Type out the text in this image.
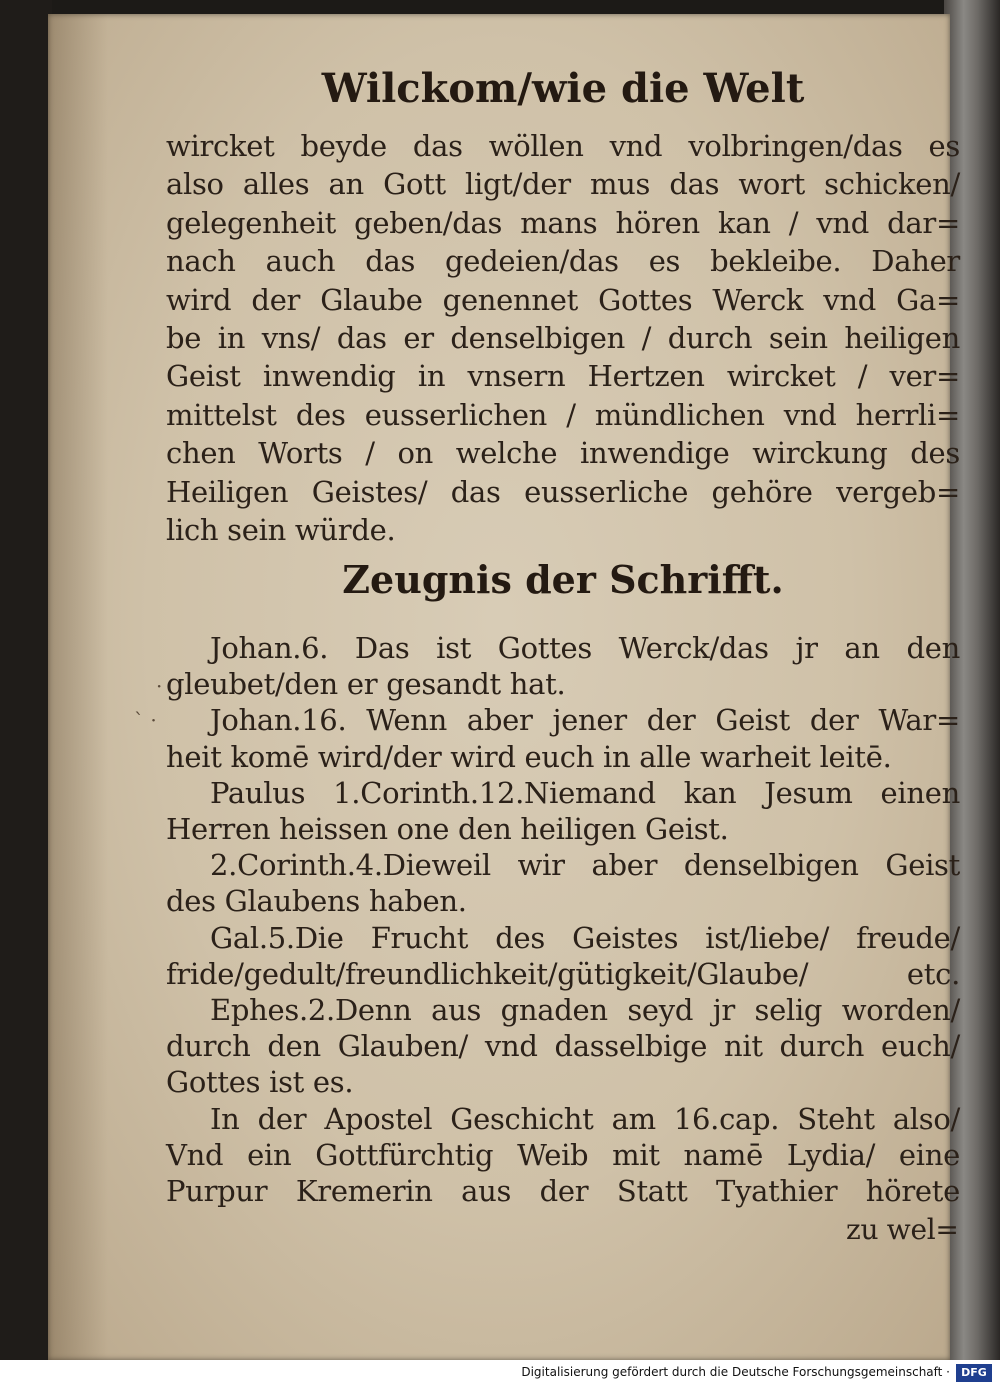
Wilckom/wie die Welt
wircket beyde das wöllen vnd volbringen/das es
also alles an Gott ligt/der mus das wort schicken/
gelegenheit geben/das mans hören kan / vnd dar=
nach auch das gedeien/das es bekleibe. Daher
wird der Glaube genennet Gottes Werck vnd Ga=
be in vns/ das er denselbigen / durch sein heiligen
Geist inwendig in vnsern Hertzen wircket / ver=
mittelst des eusserlichen / mündlichen vnd herrli=
chen Worts / on welche inwendige wirckung des
Heiligen Geistes/ das eusserliche gehöre vergeb=
lich sein würde.
Zeugnis der Schrifft.
Johan.6. Das ist Gottes Werck/das jr an den
gleubet/den er gesandt hat.
Johan.16. Wenn aber jener der Geist der War=
heit komē wird/der wird euch in alle warheit leitē.
Paulus 1.Corinth.12.Niemand kan Jesum einen
Herren heissen one den heiligen Geist.
2.Corinth.4.Dieweil wir aber denselbigen Geist
des Glaubens haben.
Gal.5.Die Frucht des Geistes ist/liebe/ freude/
fride/gedult/freundlichkeit/gütigkeit/Glaube/ etc.
Ephes.2.Denn aus gnaden seyd jr selig worden/
durch den Glauben/ vnd dasselbige nit durch euch/
Gottes ist es.
In der Apostel Geschicht am 16.cap. Steht also/
Vnd ein Gottfürchtig Weib mit namē Lydia/ eine
Purpur Kremerin aus der Statt Tyathier hörete
zu wel=
·
` ·
Digitalisierung gefördert durch die Deutsche Forschungsgemeinschaft ·	DFG
